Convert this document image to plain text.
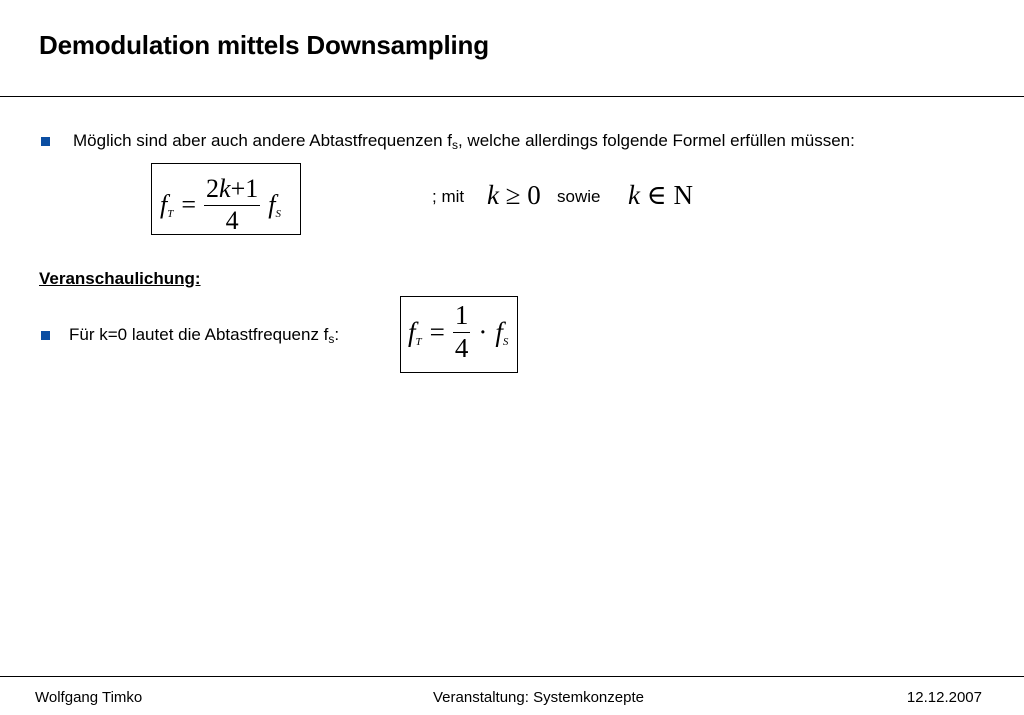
Demodulation mittels Downsampling
Möglich sind aber auch andere Abtastfrequenzen $f_s$, welche allerdings folgende Formel erfüllen müssen:
fT = $\frac{2k+1}{4}$ fS
; mit k ≥ 0 sowie k ∈ N
Veranschaulichung:
Für k=0 lautet die Abtastfrequenz $f_s$:	fT = $\frac{1}{4}$ · fS
Wolfgang Timko	Veranstaltung: Systemkonzepte	12.12.2007
